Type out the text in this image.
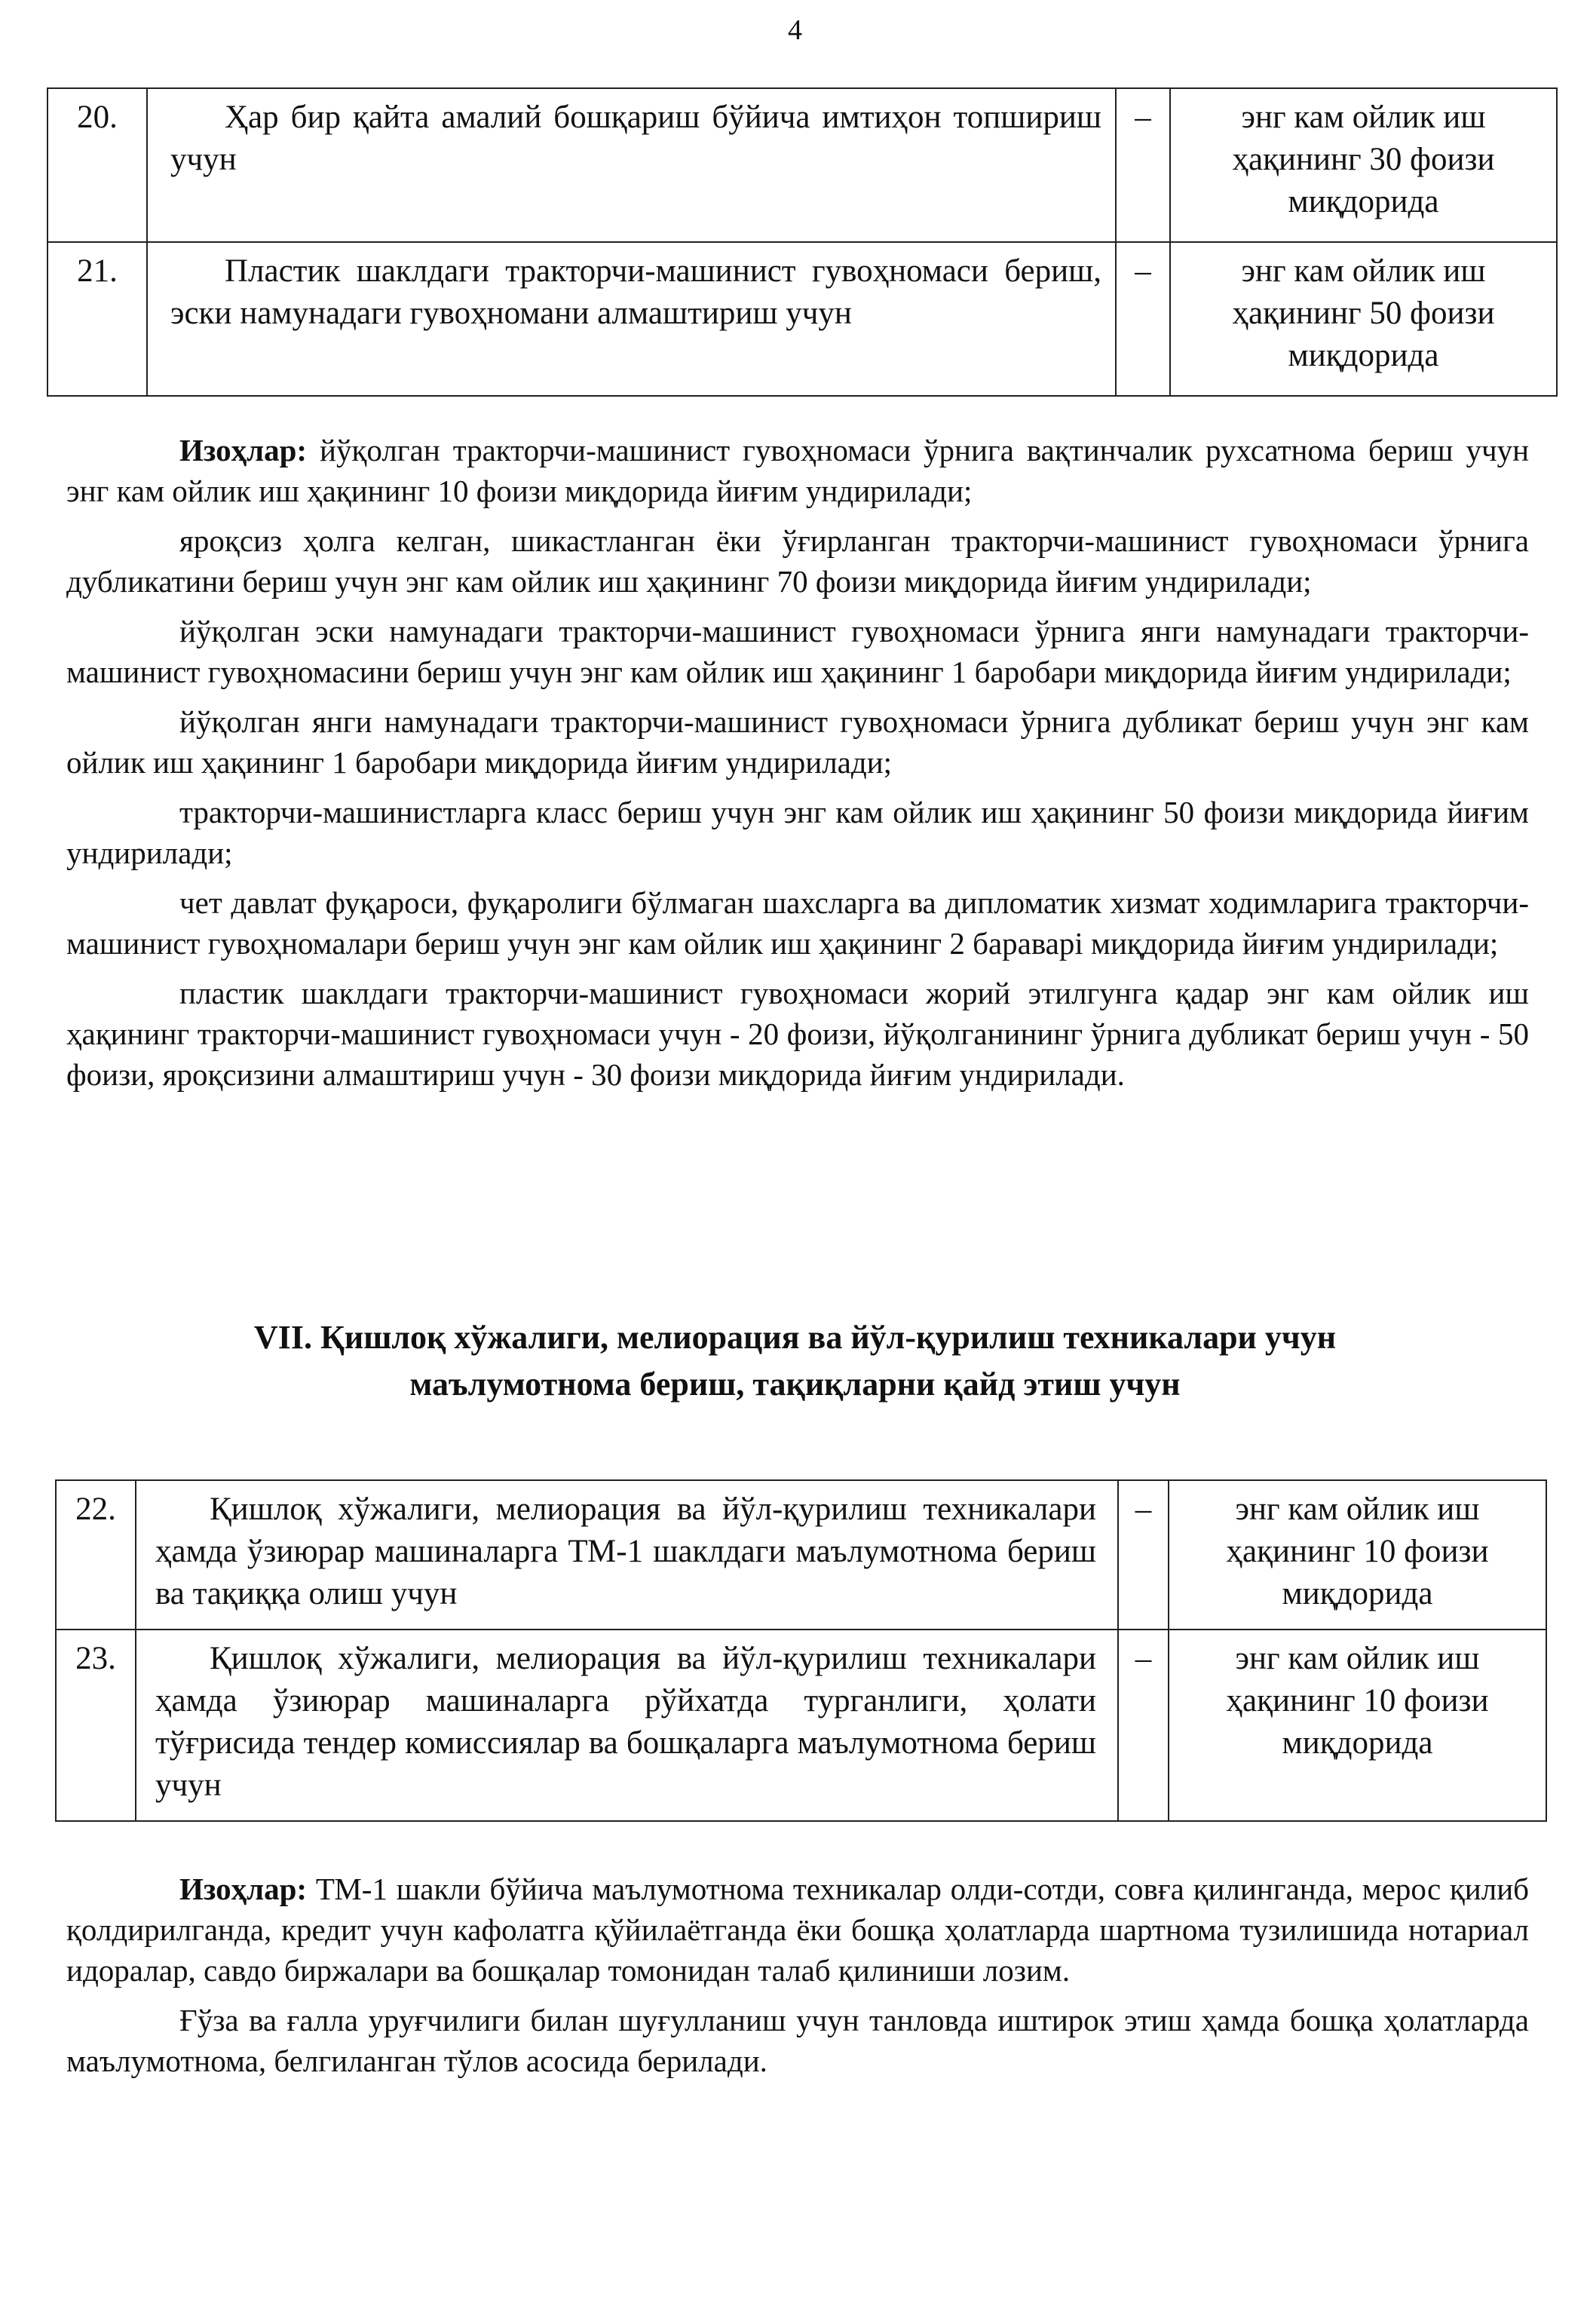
4
20.	Ҳар бир қайта амалий бошқариш бўйича имтиҳон топшириш учун	–	энг кам ойлик иш
ҳақининг 30 фоизи
миқдорида

21.	Пластик шаклдаги тракторчи-машинист гувоҳномаси бериш, эски намунадаги гувоҳномани алмаштириш учун	–	энг кам ойлик иш
ҳақининг 50 фоизи
миқдорида

Изоҳлар: йўқолган тракторчи-машинист гувоҳномаси ўрнига вақтинчалик рухсатнома бериш учун энг кам ойлик иш ҳақининг 10 фоизи миқдорида йиғим ундирилади;

яроқсиз ҳолга келган, шикастланган ёки ўғирланган тракторчи-машинист гувоҳномаси ўрнига дубликатини бериш учун энг кам ойлик иш ҳақининг 70 фоизи миқдорида йиғим ундирилади;

йўқолган эски намунадаги тракторчи-машинист гувоҳномаси ўрнига янги намунадаги тракторчи-машинист гувоҳномасини бериш учун энг кам ойлик иш ҳақининг 1 баробари миқдорида йиғим ундирилади;

йўқолган янги намунадаги тракторчи-машинист гувоҳномаси ўрнига дубликат бериш учун энг кам ойлик иш ҳақининг 1 баробари миқдорида йиғим ундирилади;

тракторчи-машинистларга класс бериш учун энг кам ойлик иш ҳақининг 50 фоизи миқдорида йиғим ундирилади;

чет давлат фуқароси, фуқаролиги бўлмаган шахсларга ва дипломатик хизмат ходимларига тракторчи-машинист гувоҳномалари бериш учун энг кам ойлик иш ҳақининг 2 бараварi миқдорида йиғим ундирилади;

пластик шаклдаги тракторчи-машинист гувоҳномаси жорий этилгунга қадар энг кам ойлик иш ҳақининг тракторчи-машинист гувоҳномаси учун - 20 фоизи, йўқолганининг ўрнига дубликат бериш учун - 50 фоизи, яроқсизини алмаштириш учун - 30 фоизи миқдорида йиғим ундирилади.

VII. Қишлоқ хўжалиги, мелиорация ва йўл-қурилиш техникалари учун
маълумотнома бериш, тақиқларни қайд этиш учун
22.	Қишлоқ хўжалиги, мелиорация ва йўл-қурилиш техникалари ҳамда ўзиюрар машиналарга ТМ-1 шаклдаги маълумотнома бериш ва тақиққа олиш учун	–	энг кам ойлик иш
ҳақининг 10 фоизи
миқдорида

23.	Қишлоқ хўжалиги, мелиорация ва йўл-қурилиш техникалари ҳамда ўзиюрар машиналарга рўйхатда турганлиги, ҳолати тўғрисида тендер комиссиялар ва бошқаларга маълумотнома бериш учун	–	энг кам ойлик иш
ҳақининг 10 фоизи
миқдорида

Изоҳлар: ТМ-1 шакли бўйича маълумотнома техникалар олди-сотди, совға қилинганда, мерос қилиб қолдирилганда, кредит учун кафолатга қўйилаётганда ёки бошқа ҳолатларда шартнома тузилишида нотариал идоралар, савдо биржалари ва бошқалар томонидан талаб қилиниши лозим.

Ғўза ва ғалла уруғчилиги билан шуғулланиш учун танловда иштирок этиш ҳамда бошқа ҳолатларда маълумотнома, белгиланган тўлов асосида берилади.
